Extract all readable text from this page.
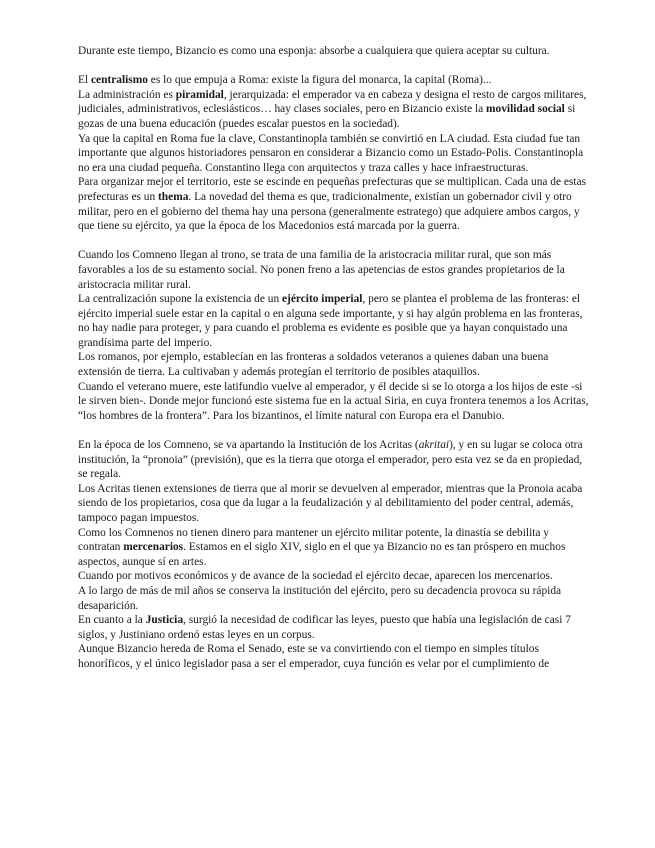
Durante este tiempo, Bizancio es como una esponja: absorbe a cualquiera que quiera aceptar su cultura.

El centralismo es lo que empuja a Roma: existe la figura del monarca, la capital (Roma)...

La administración es piramidal, jerarquizada: el emperador va en cabeza y designa el resto de cargos militares, judiciales, administrativos, eclesiásticos… hay clases sociales, pero en Bizancio existe la movilidad social si gozas de una buena educación (puedes escalar puestos en la sociedad).

Ya que la capital en Roma fue la clave, Constantinopla también se convirtió en LA ciudad. Esta ciudad fue tan importante que algunos historiadores pensaron en considerar a Bizancio como un Estado-Polis. Constantinopla no era una ciudad pequeña. Constantino llega con arquitectos y traza calles y hace infraestructuras.

Para organizar mejor el territorio, este se escinde en pequeñas prefecturas que se multiplican. Cada una de estas prefecturas es un thema. La novedad del thema es que, tradicionalmente, existían un gobernador civil y otro militar, pero en el gobierno del thema hay una persona (generalmente estratego) que adquiere ambos cargos, y que tiene su ejército, ya que la época de los Macedonios está marcada por la guerra.

Cuando los Comneno llegan al trono, se trata de una familia de la aristocracia militar rural, que son más favorables a los de su estamento social. No ponen freno a las apetencias de estos grandes propietarios de la aristocracia militar rural.

La centralización supone la existencia de un ejército imperial, pero se plantea el problema de las fronteras: el ejército imperial suele estar en la capital o en alguna sede importante, y si hay algún problema en las fronteras, no hay nadie para proteger, y para cuando el problema es evidente es posible que ya hayan conquistado una grandísima parte del imperio.

Los romanos, por ejemplo, establecían en las fronteras a soldados veteranos a quienes daban una buena extensión de tierra. La cultivaban y además protegían el territorio de posibles ataquillos.

Cuando el veterano muere, este latifundio vuelve al emperador, y él decide si se lo otorga a los hijos de este -si le sirven bien-. Donde mejor funcionó este sistema fue en la actual Siria, en cuya frontera tenemos a los Acritas, “los hombres de la frontera”. Para los bizantinos, el límite natural con Europa era el Danubio.

En la época de los Comneno, se va apartando la Institución de los Acritas (akritai), y en su lugar se coloca otra institución, la “pronoia” (previsión), que es la tierra que otorga el emperador, pero esta vez se da en propiedad, se regala.

Los Acritas tienen extensiones de tierra que al morir se devuelven al emperador, mientras que la Pronoia acaba siendo de los propietarios, cosa que da lugar a la feudalización y al debilitamiento del poder central, además, tampoco pagan impuestos.

Como los Comnenos no tienen dinero para mantener un ejército militar potente, la dinastía se debilita y contratan mercenarios. Estamos en el siglo XIV, siglo en el que ya Bizancio no es tan próspero en muchos aspectos, aunque sí en artes.

Cuando por motivos económicos y de avance de la sociedad el ejército decae, aparecen los mercenarios.

A lo largo de más de mil años se conserva la institución del ejército, pero su decadencia provoca su rápida desaparición.

En cuanto a la Justicia, surgió la necesidad de codificar las leyes, puesto que había una legislación de casi 7 siglos, y Justiniano ordenó estas leyes en un corpus.

Aunque Bizancio hereda de Roma el Senado, este se va convirtiendo con el tiempo en simples títulos honoríficos, y el único legislador pasa a ser el emperador, cuya función es velar por el cumplimiento de
